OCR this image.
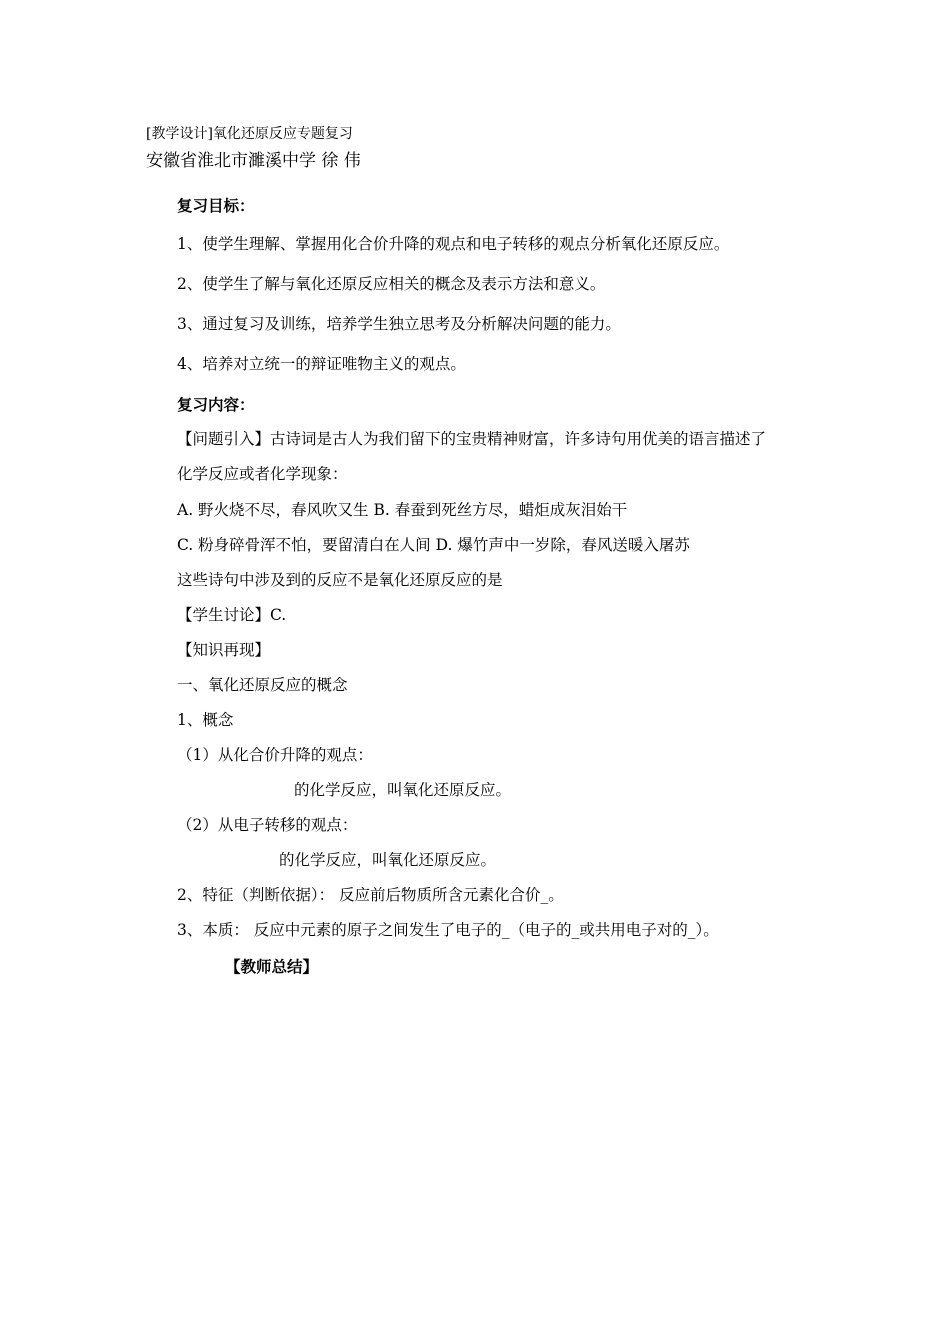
[教学设计]氧化还原反应专题复习
安徽省淮北市濉溪中学 徐 伟
复习目标：
1、使学生理解、掌握用化合价升降的观点和电子转移的观点分析氧化还原反应。
2、使学生了解与氧化还原反应相关的概念及表示方法和意义。
3、通过复习及训练，培养学生独立思考及分析解决问题的能力。
4、培养对立统一的辩证唯物主义的观点。
复习内容：
【问题引入】古诗词是古人为我们留下的宝贵精神财富，许多诗句用优美的语言描述了
化学反应或者化学现象：
A. 野火烧不尽，春风吹又生 B. 春蚕到死丝方尽，蜡炬成灰泪始干
C. 粉身碎骨浑不怕，要留清白在人间 D. 爆竹声中一岁除，春风送暖入屠苏
这些诗句中涉及到的反应不是氧化还原反应的是
【学生讨论】C.
【知识再现】
一、氧化还原反应的概念
1、概念
（1）从化合价升降的观点：
的化学反应，叫氧化还原反应。
（2）从电子转移的观点：
的化学反应，叫氧化还原反应。
2、特征（判断依据）： 反应前后物质所含元素化合价_。
3、本质： 反应中元素的原子之间发生了电子的_（电子的_或共用电子对的_）。
【教师总结】
